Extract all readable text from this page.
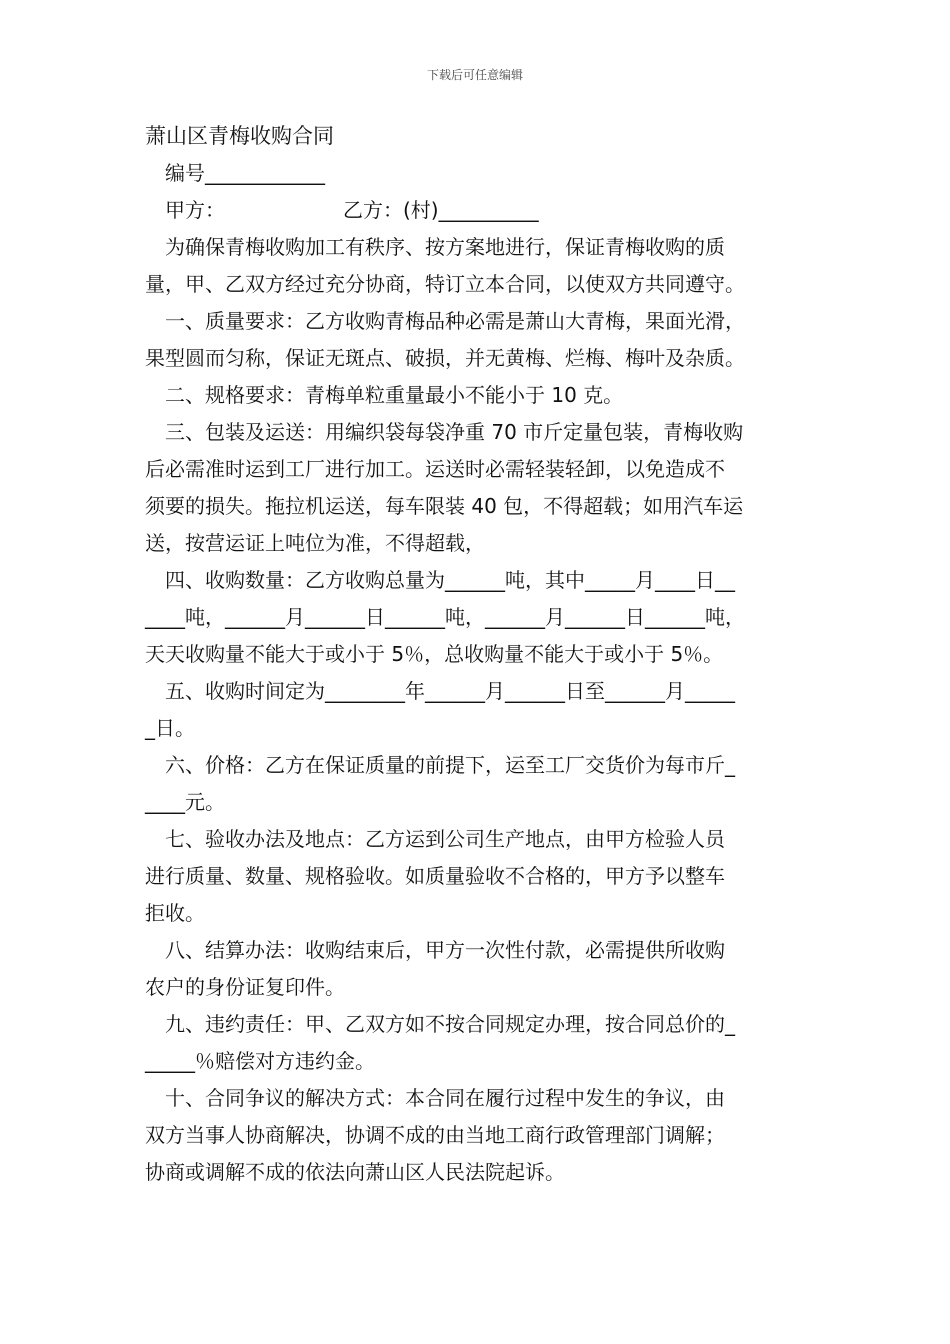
下载后可任意编辑

萧山区青梅收购合同

编号____________

甲方：	乙方：(村)__________

为确保青梅收购加工有秩序、按方案地进行，保证青梅收购的质

量，甲、乙双方经过充分协商，特订立本合同，以使双方共同遵守。

一、质量要求：乙方收购青梅品种必需是萧山大青梅，果面光滑，

果型圆而匀称，保证无斑点、破损，并无黄梅、烂梅、梅叶及杂质。

二、规格要求：青梅单粒重量最小不能小于 10 克。

三、包装及运送：用编织袋每袋净重 70 市斤定量包装，青梅收购

后必需准时运到工厂进行加工。运送时必需轻装轻卸，以免造成不

须要的损失。拖拉机运送，每车限装 40 包，不得超载；如用汽车运

送，按营运证上吨位为准，不得超载，

四、收购数量：乙方收购总量为______吨，其中_____月____日__

____吨，______月______日______吨，______月______日______吨，

天天收购量不能大于或小于 5％，总收购量不能大于或小于 5％。

五、收购时间定为________年______月______日至______月_____

_日。

六、价格：乙方在保证质量的前提下，运至工厂交货价为每市斤_

____元。

七、验收办法及地点：乙方运到公司生产地点，由甲方检验人员

进行质量、数量、规格验收。如质量验收不合格的，甲方予以整车

拒收。

八、结算办法：收购结束后，甲方一次性付款，必需提供所收购

农户的身份证复印件。

九、违约责任：甲、乙双方如不按合同规定办理，按合同总价的_

_____％赔偿对方违约金。

十、合同争议的解决方式：本合同在履行过程中发生的争议，由

双方当事人协商解决，协调不成的由当地工商行政管理部门调解；

协商或调解不成的依法向萧山区人民法院起诉。
